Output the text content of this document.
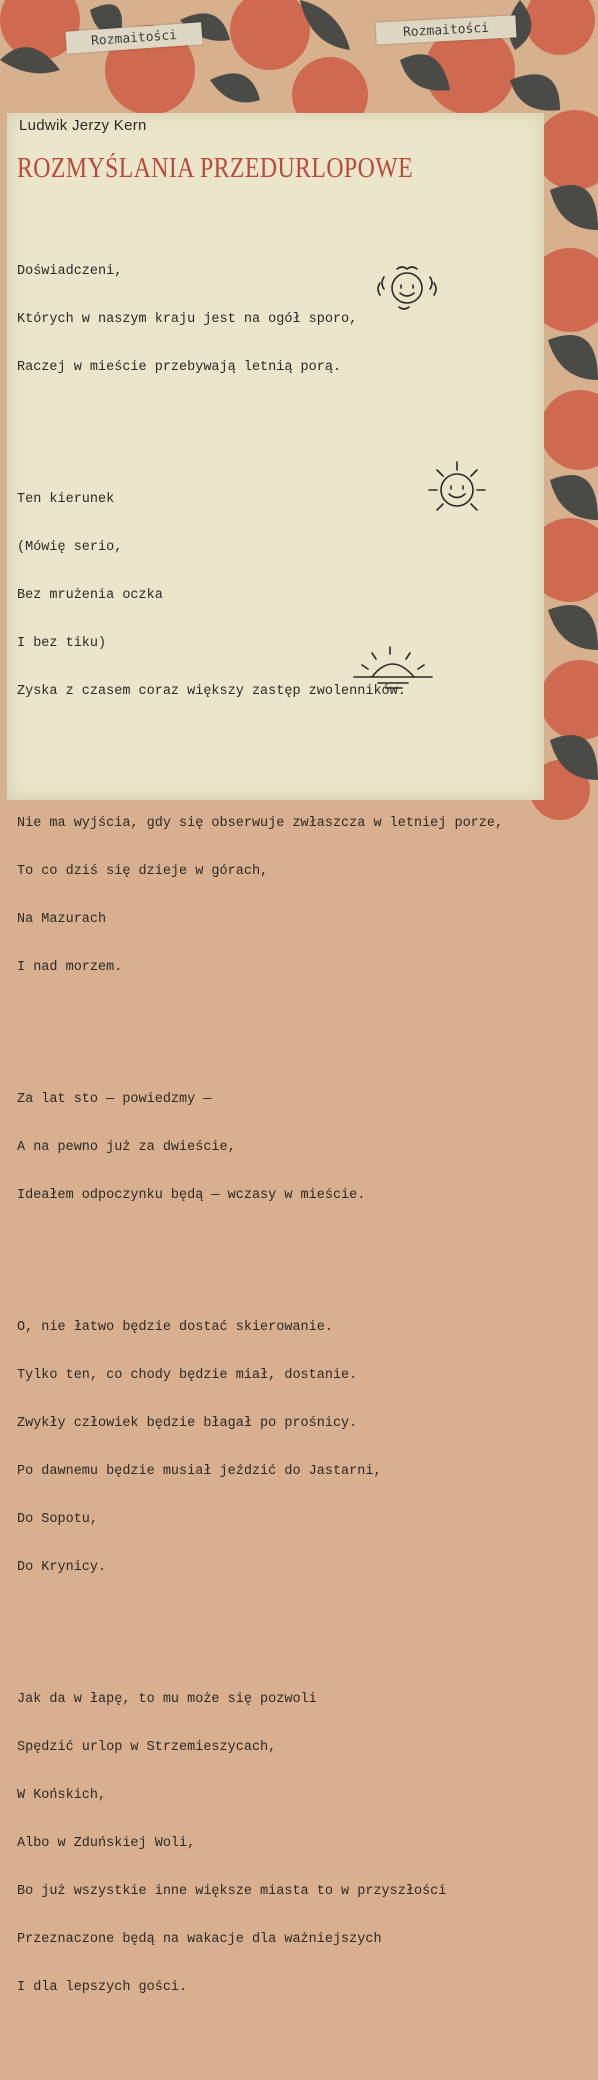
Rozmaitości	Rozmaitości
Ludwik Jerzy Kern
ROZMYŚLANIA PRZEDURLOPOWE

Doświadczeni,

Których w naszym kraju jest na ogół sporo,

Raczej w mieście przebywają letnią porą.

Ten kierunek

(Mówię serio,

Bez mrużenia oczka

I bez tiku)

Zyska z czasem coraz większy zastęp zwolenników.

Nie ma wyjścia, gdy się obserwuje zwłaszcza w letniej porze,

To co dziś się dzieje w górach,

Na Mazurach

I nad morzem.

Za lat sto — powiedzmy —

A na pewno już za dwieście,

Ideałem odpoczynku będą — wczasy w mieście.

O, nie łatwo będzie dostać skierowanie.

Tylko ten, co chody będzie miał, dostanie.

Zwykły człowiek będzie błagał po prośnicy.

Po dawnemu będzie musiał jeździć do Jastarni,

Do Sopotu,

Do Krynicy.

Jak da w łapę, to mu może się pozwoli

Spędzić urlop w Strzemieszycach,

W Końskich,

Albo w Zduńskiej Woli,

Bo już wszystkie inne większe miasta to w przyszłości

Przeznaczone będą na wakacje dla ważniejszych

I dla lepszych gości.
